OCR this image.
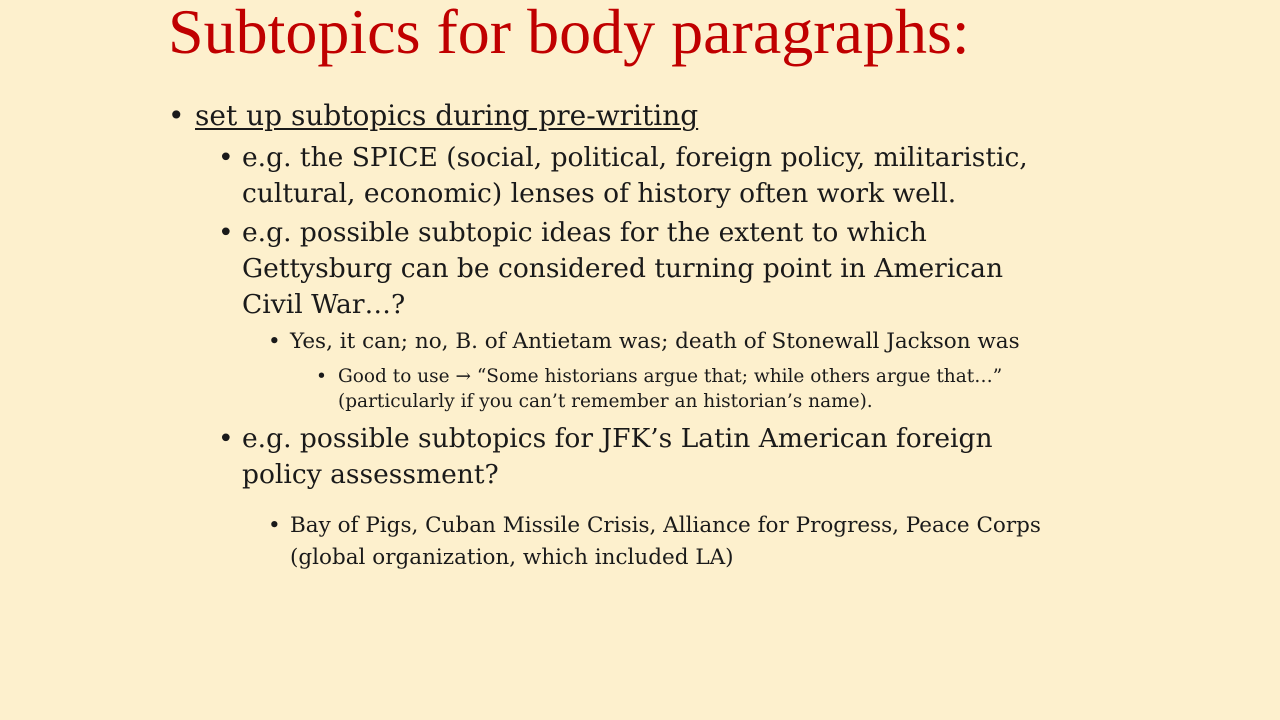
Subtopics for body paragraphs:
• set up subtopics during pre-writing
• e.g. the SPICE (social, political, foreign policy, militaristic,
cultural, economic) lenses of history often work well.
• e.g. possible subtopic ideas for the extent to which
Gettysburg can be considered turning point in American
Civil War…?
• Yes, it can; no, B. of Antietam was; death of Stonewall Jackson was
• Good to use → “Some historians argue that; while others argue that…”
(particularly if you can’t remember an historian’s name).
• e.g. possible subtopics for JFK’s Latin American foreign
policy assessment?
• Bay of Pigs, Cuban Missile Crisis, Alliance for Progress, Peace Corps
(global organization, which included LA)
